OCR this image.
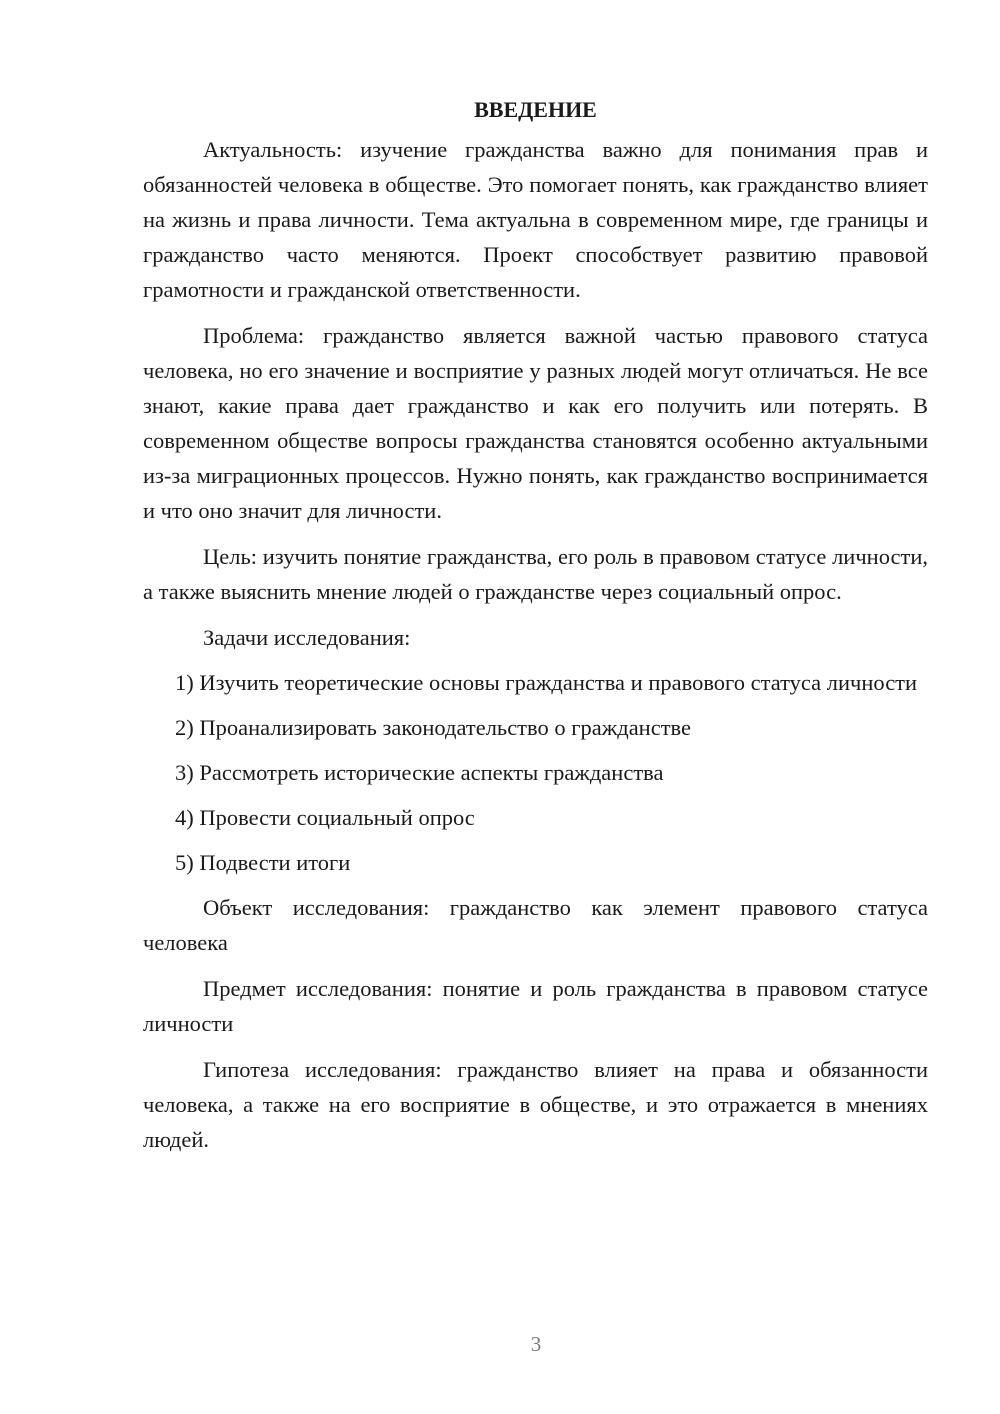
ВВЕДЕНИЕ

Актуальность: изучение гражданства важно для понимания прав и обязанностей человека в обществе. Это помогает понять, как гражданство влияет на жизнь и права личности. Тема актуальна в современном мире, где границы и гражданство часто меняются. Проект способствует развитию правовой грамотности и гражданской ответственности.

Проблема: гражданство является важной частью правового статуса человека, но его значение и восприятие у разных людей могут отличаться. Не все знают, какие права дает гражданство и как его получить или потерять. В современном обществе вопросы гражданства становятся особенно актуальными из-за миграционных процессов. Нужно понять, как гражданство воспринимается и что оно значит для личности.

Цель: изучить понятие гражданства, его роль в правовом статусе личности, а также выяснить мнение людей о гражданстве через социальный опрос.

Задачи исследования:

1) Изучить теоретические основы гражданства и правового статуса личности

2) Проанализировать законодательство о гражданстве

3) Рассмотреть исторические аспекты гражданства

4) Провести социальный опрос

5) Подвести итоги

Объект исследования: гражданство как элемент правового статуса человека

Предмет исследования: понятие и роль гражданства в правовом статусе личности

Гипотеза исследования: гражданство влияет на права и обязанности человека, а также на его восприятие в обществе, и это отражается в мнениях людей.

3
